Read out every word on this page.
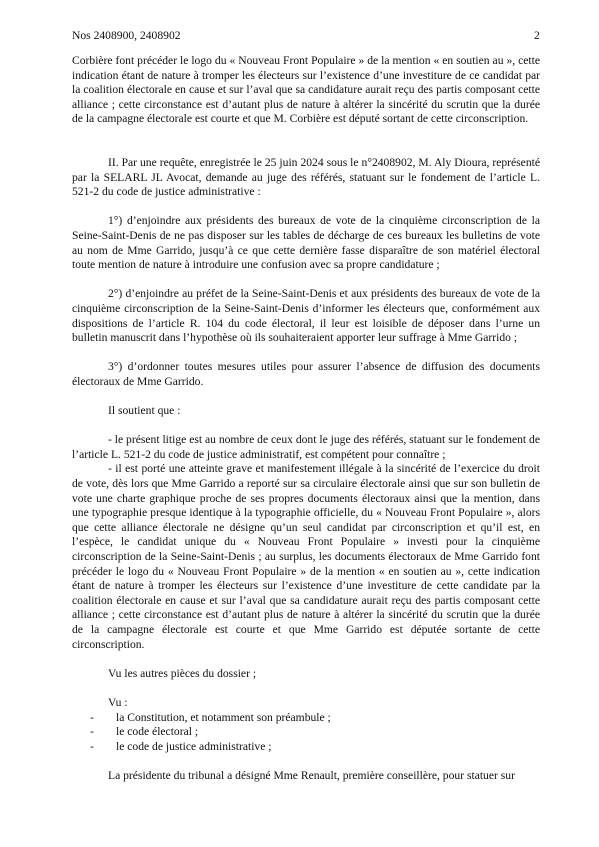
Nos 2408900, 2408902	2

Corbière font précéder le logo du « Nouveau Front Populaire » de la mention « en soutien au », cette indication étant de nature à tromper les électeurs sur l’existence d’une investiture de ce candidat par la coalition électorale en cause et sur l’aval que sa candidature aurait reçu des partis composant cette alliance ; cette circonstance est d’autant plus de nature à altérer la sincérité du scrutin que la durée de la campagne électorale est courte et que M. Corbière est député sortant de cette circonscription.

II. Par une requête, enregistrée le 25 juin 2024 sous le n°2408902, M. Aly Dioura, représenté par la SELARL JL Avocat, demande au juge des référés, statuant sur le fondement de l’article L. 521-2 du code de justice administrative :

1°) d’enjoindre aux présidents des bureaux de vote de la cinquième circonscription de la Seine-Saint-Denis de ne pas disposer sur les tables de décharge de ces bureaux les bulletins de vote au nom de Mme Garrido, jusqu’à ce que cette dernière fasse disparaître de son matériel électoral toute mention de nature à introduire une confusion avec sa propre candidature ;

2°) d’enjoindre au préfet de la Seine-Saint-Denis et aux présidents des bureaux de vote de la cinquième circonscription de la Seine-Saint-Denis d’informer les électeurs que, conformément aux dispositions de l’article R. 104 du code électoral, il leur est loisible de déposer dans l’urne un bulletin manuscrit dans l’hypothèse où ils souhaiteraient apporter leur suffrage à Mme Garrido ;

3°) d’ordonner toutes mesures utiles pour assurer l’absence de diffusion des documents électoraux de Mme Garrido.

Il soutient que :

- le présent litige est au nombre de ceux dont le juge des référés, statuant sur le fondement de l’article L. 521-2 du code de justice administratif, est compétent pour connaître ;

- il est porté une atteinte grave et manifestement illégale à la sincérité de l’exercice du droit de vote, dès lors que Mme Garrido a reporté sur sa circulaire électorale ainsi que sur son bulletin de vote une charte graphique proche de ses propres documents électoraux ainsi que la mention, dans une typographie presque identique à la typographie officielle, du « Nouveau Front Populaire », alors que cette alliance électorale ne désigne qu’un seul candidat par circonscription et qu’il est, en l’espèce, le candidat unique du « Nouveau Front Populaire » investi pour la cinquième circonscription de la Seine-Saint-Denis ; au surplus, les documents électoraux de Mme Garrido font précéder le logo du « Nouveau Front Populaire » de la mention « en soutien au », cette indication étant de nature à tromper les électeurs sur l’existence d’une investiture de cette candidate par la coalition électorale en cause et sur l’aval que sa candidature aurait reçu des partis composant cette alliance ; cette circonstance est d’autant plus de nature à altérer la sincérité du scrutin que la durée de la campagne électorale est courte et que Mme Garrido est députée sortante de cette circonscription.

Vu les autres pièces du dossier ;

Vu :

- la Constitution, et notamment son préambule ;
- le code électoral ;
- le code de justice administrative ;

La présidente du tribunal a désigné Mme Renault, première conseillère, pour statuer sur
